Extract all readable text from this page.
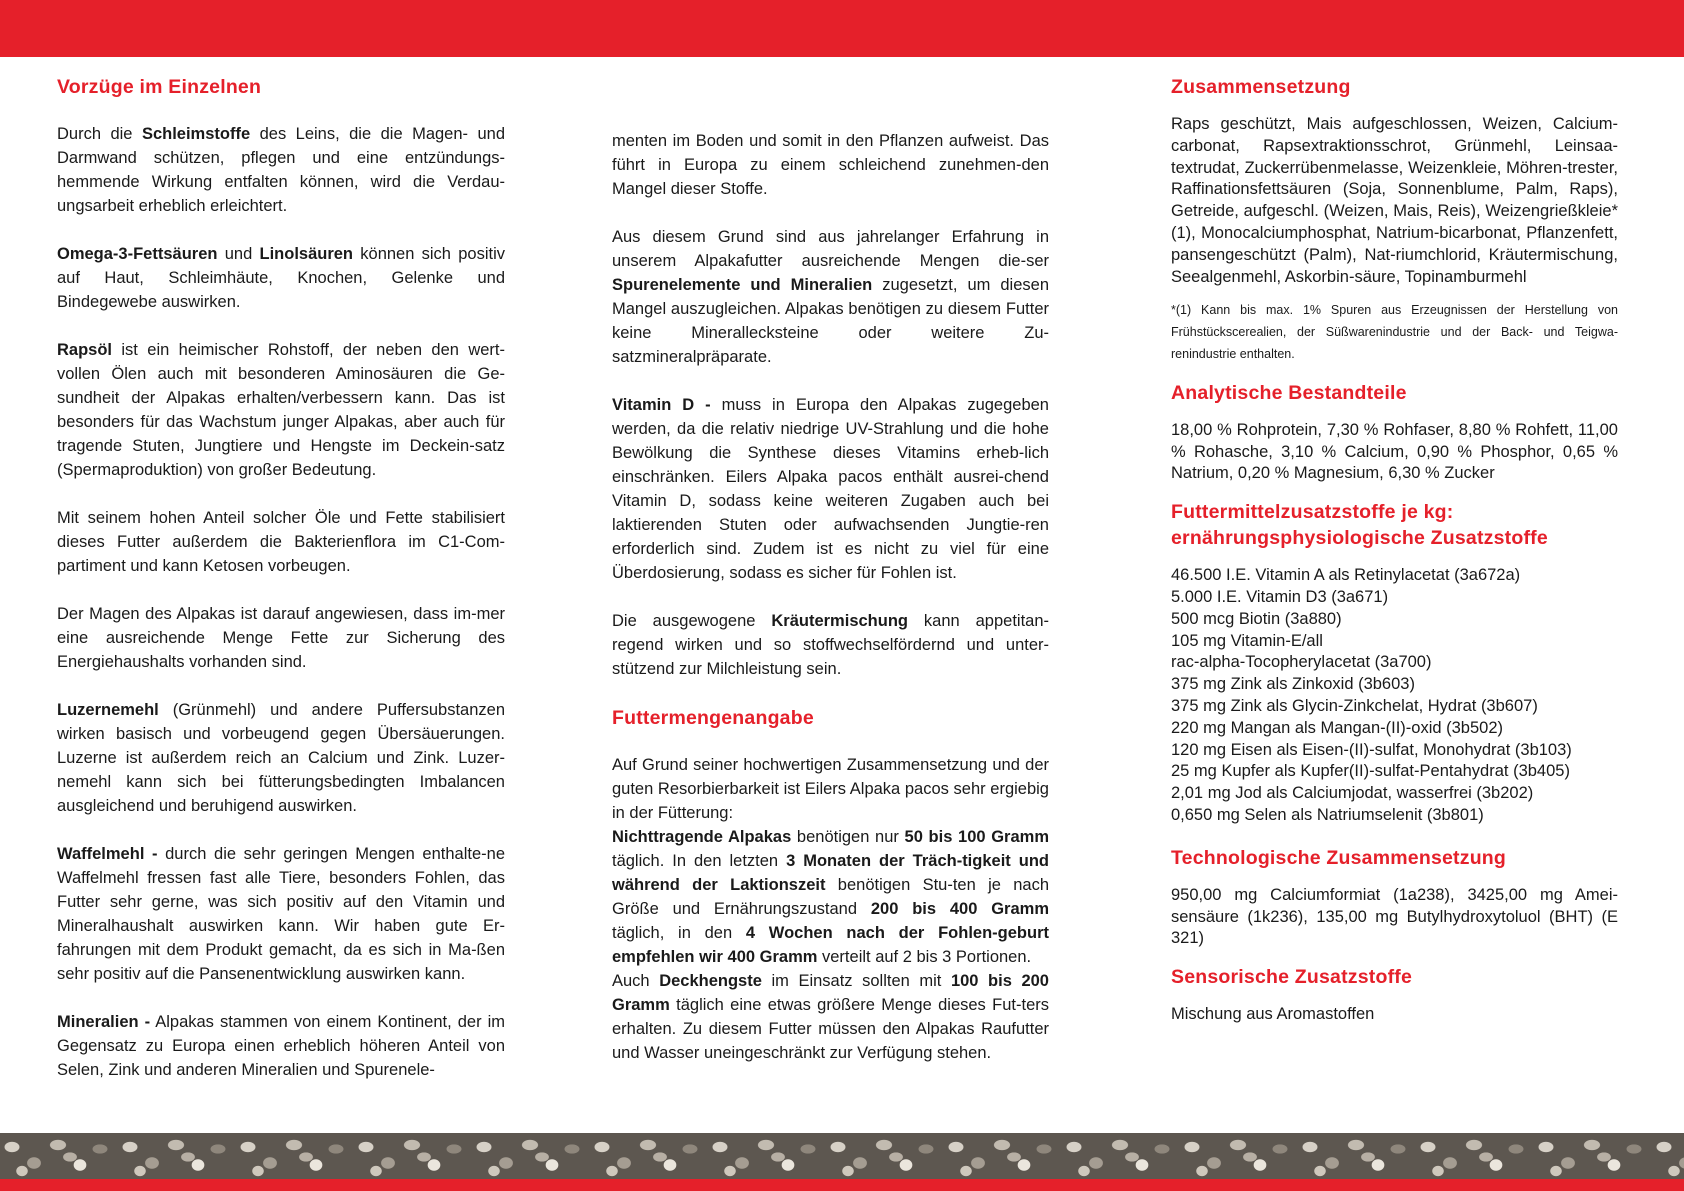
Vorzüge im Einzelnen

Durch die Schleimstoffe des Leins, die die Magen- und Darmwand schützen, pflegen und eine entzündungs-hemmende Wirkung entfalten können, wird die Verdau-ungsarbeit erheblich erleichtert.

Omega-3-Fettsäuren und Linolsäuren können sich positiv auf Haut, Schleimhäute, Knochen, Gelenke und Bindegewebe auswirken.

Rapsöl ist ein heimischer Rohstoff, der neben den wert-vollen Ölen auch mit besonderen Aminosäuren die Ge-sundheit der Alpakas erhalten/verbessern kann. Das ist besonders für das Wachstum junger Alpakas, aber auch für tragende Stuten, Jungtiere und Hengste im Deckein-satz (Spermaproduktion) von großer Bedeutung.

Mit seinem hohen Anteil solcher Öle und Fette stabilisiert dieses Futter außerdem die Bakterienflora im C1-Com-partiment und kann Ketosen vorbeugen.

Der Magen des Alpakas ist darauf angewiesen, dass im-mer eine ausreichende Menge Fette zur Sicherung des Energiehaushalts vorhanden sind.

Luzernemehl (Grünmehl) und andere Puffersubstanzen wirken basisch und vorbeugend gegen Übersäuerungen. Luzerne ist außerdem reich an Calcium und Zink. Luzer-nemehl kann sich bei fütterungsbedingten Imbalancen ausgleichend und beruhigend auswirken.

Waffelmehl - durch die sehr geringen Mengen enthalte-ne Waffelmehl fressen fast alle Tiere, besonders Fohlen, das Futter sehr gerne, was sich positiv auf den Vitamin und Mineralhaushalt auswirken kann. Wir haben gute Er-fahrungen mit dem Produkt gemacht, da es sich in Ma-ßen sehr positiv auf die Pansenentwicklung auswirken kann.

Mineralien - Alpakas stammen von einem Kontinent, der im Gegensatz zu Europa einen erheblich höheren Anteil von Selen, Zink und anderen Mineralien und Spurenele-

menten im Boden und somit in den Pflanzen aufweist. Das führt in Europa zu einem schleichend zunehmen-den Mangel dieser Stoffe.

Aus diesem Grund sind aus jahrelanger Erfahrung in unserem Alpakafutter ausreichende Mengen die-ser Spurenelemente und Mineralien zugesetzt, um diesen Mangel auszugleichen. Alpakas benötigen zu diesem Futter keine Minerallecksteine oder weitere Zu-satzmineralpräparate.

Vitamin D - muss in Europa den Alpakas zugegeben werden, da die relativ niedrige UV-Strahlung und die hohe Bewölkung die Synthese dieses Vitamins erheb-lich einschränken. Eilers Alpaka pacos enthält ausrei-chend Vitamin D, sodass keine weiteren Zugaben auch bei laktierenden Stuten oder aufwachsenden Jungtie-ren erforderlich sind. Zudem ist es nicht zu viel für eine Überdosierung, sodass es sicher für Fohlen ist.

Die ausgewogene Kräutermischung kann appetitan-regend wirken und so stoffwechselfördernd und unter-stützend zur Milchleistung sein.

Futtermengenangabe

Auf Grund seiner hochwertigen Zusammensetzung und der guten Resorbierbarkeit ist Eilers Alpaka pacos sehr ergiebig in der Fütterung:

Nichttragende Alpakas benötigen nur 50 bis 100 Gramm täglich. In den letzten 3 Monaten der Träch-tigkeit und während der Laktionszeit benötigen Stu-ten je nach Größe und Ernährungszustand 200 bis 400 Gramm täglich, in den 4 Wochen nach der Fohlen-geburt empfehlen wir 400 Gramm verteilt auf 2 bis 3 Portionen.

Auch Deckhengste im Einsatz sollten mit 100 bis 200 Gramm täglich eine etwas größere Menge dieses Fut-ters erhalten. Zu diesem Futter müssen den Alpakas Raufutter und Wasser uneingeschränkt zur Verfügung stehen.

Zusammensetzung

Raps geschützt, Mais aufgeschlossen, Weizen, Calcium-carbonat, Rapsextraktionsschrot, Grünmehl, Leinsaa-textrudat, Zuckerrübenmelasse, Weizenkleie, Möhren-trester, Raffinationsfettsäuren (Soja, Sonnenblume, Palm, Raps), Getreide, aufgeschl. (Weizen, Mais, Reis), Weizengrießkleie*(1), Monocalciumphosphat, Natrium-bicarbonat, Pflanzenfett, pansengeschützt (Palm), Nat-riumchlorid, Kräutermischung, Seealgenmehl, Askorbin-säure, Topinamburmehl

*(1) Kann bis max. 1% Spuren aus Erzeugnissen der Herstellung von Frühstückscerealien, der Süßwarenindustrie und der Back- und Teigwa-renindustrie enthalten.

Analytische Bestandteile

18,00 % Rohprotein, 7,30 % Rohfaser, 8,80 % Rohfett, 11,00 % Rohasche, 3,10 % Calcium, 0,90 % Phosphor, 0,65 % Natrium, 0,20 % Magnesium, 6,30 % Zucker

Futtermittelzusatzstoffe je kg:
ernährungsphysiologische Zusatzstoffe
46.500 I.E. Vitamin A als Retinylacetat (3a672a)
5.000 I.E. Vitamin D3 (3a671)
500 mcg Biotin (3a880)
105 mg Vitamin-E/all
rac-alpha-Tocopherylacetat (3a700)
375 mg Zink als Zinkoxid (3b603)
375 mg Zink als Glycin-Zinkchelat, Hydrat (3b607)
220 mg Mangan als Mangan-(II)-oxid (3b502)
120 mg Eisen als Eisen-(II)-sulfat, Monohydrat (3b103)
25 mg Kupfer als Kupfer(II)-sulfat-Pentahydrat (3b405)
2,01 mg Jod als Calciumjodat, wasserfrei (3b202)
0,650 mg Selen als Natriumselenit (3b801)
Technologische Zusammensetzung

950,00 mg Calciumformiat (1a238), 3425,00 mg Amei-sensäure (1k236), 135,00 mg Butylhydroxytoluol (BHT) (E 321)

Sensorische Zusatzstoffe

Mischung aus Aromastoffen
